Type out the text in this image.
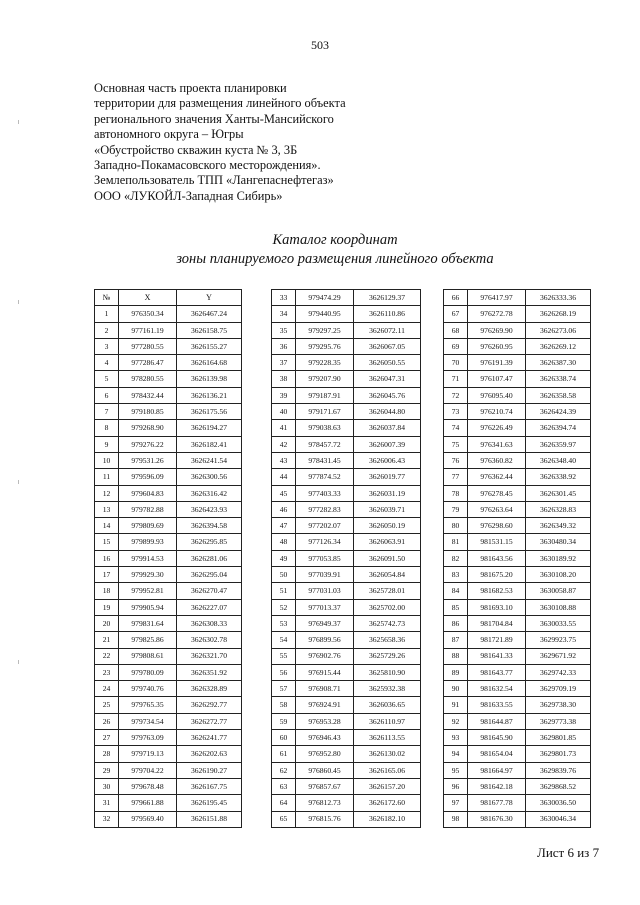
503
Основная часть проекта планировки
территории для размещения линейного объекта
регионального значения Ханты-Мансийского
автономного округа – Югры
«Обустройство скважин куста № 3, 3Б
Западно-Покамасовского месторождения».
Землепользователь ТПП «Лангепаснефтегаз»
ООО «ЛУКОЙЛ-Западная Сибирь»
Каталог координат
зоны планируемого размещения линейного объекта
№	X	Y
1	976350.34	3626467.24
2	977161.19	3626158.75
3	977280.55	3626155.27
4	977286.47	3626164.68
5	978280.55	3626139.98
6	978432.44	3626136.21
7	979180.85	3626175.56
8	979268.90	3626194.27
9	979276.22	3626182.41
10	979531.26	3626241.54
11	979596.09	3626300.56
12	979604.83	3626316.42
13	979782.88	3626423.93
14	979809.69	3626394.58
15	979899.93	3626295.85
16	979914.53	3626281.06
17	979929.30	3626295.04
18	979952.81	3626270.47
19	979905.94	3626227.07
20	979831.64	3626308.33
21	979825.86	3626302.78
22	979808.61	3626321.70
23	979780.09	3626351.92
24	979740.76	3626328.89
25	979765.35	3626292.77
26	979734.54	3626272.77
27	979763.09	3626241.77
28	979719.13	3626202.63
29	979704.22	3626190.27
30	979678.48	3626167.75
31	979661.88	3626195.45
32	979569.40	3626151.88
33	979474.29	3626129.37
34	979440.95	3626110.86
35	979297.25	3626072.11
36	979295.76	3626067.05
37	979228.35	3626050.55
38	979207.90	3626047.31
39	979187.91	3626045.76
40	979171.67	3626044.80
41	979038.63	3626037.84
42	978457.72	3626007.39
43	978431.45	3626006.43
44	977874.52	3626019.77
45	977403.33	3626031.19
46	977282.83	3626039.71
47	977202.07	3626050.19
48	977126.34	3626063.91
49	977053.85	3626091.50
50	977039.91	3626054.84
51	977031.03	3625728.01
52	977013.37	3625702.00
53	976949.37	3625742.73
54	976899.56	3625658.36
55	976902.76	3625729.26
56	976915.44	3625810.90
57	976908.71	3625932.38
58	976924.91	3626036.65
59	976953.28	3626110.97
60	976946.43	3626113.55
61	976952.80	3626130.02
62	976860.45	3626165.06
63	976857.67	3626157.20
64	976812.73	3626172.60
65	976815.76	3626182.10
66	976417.97	3626333.36
67	976272.78	3626268.19
68	976269.90	3626273.06
69	976260.95	3626269.12
70	976191.39	3626387.30
71	976107.47	3626338.74
72	976095.40	3626358.58
73	976210.74	3626424.39
74	976226.49	3626394.74
75	976341.63	3626359.97
76	976360.82	3626348.40
77	976362.44	3626338.92
78	976278.45	3626301.45
79	976263.64	3626328.83
80	976298.60	3626349.32
81	981531.15	3630480.34
82	981643.56	3630189.92
83	981675.20	3630108.20
84	981682.53	3630058.87
85	981693.10	3630108.88
86	981704.84	3630033.55
87	981721.89	3629923.75
88	981641.33	3629671.92
89	981643.77	3629742.33
90	981632.54	3629709.19
91	981633.55	3629738.30
92	981644.87	3629773.38
93	981645.90	3629801.85
94	981654.04	3629801.73
95	981664.97	3629839.76
96	981642.18	3629868.52
97	981677.78	3630036.50
98	981676.30	3630046.34
Лист 6 из 7
